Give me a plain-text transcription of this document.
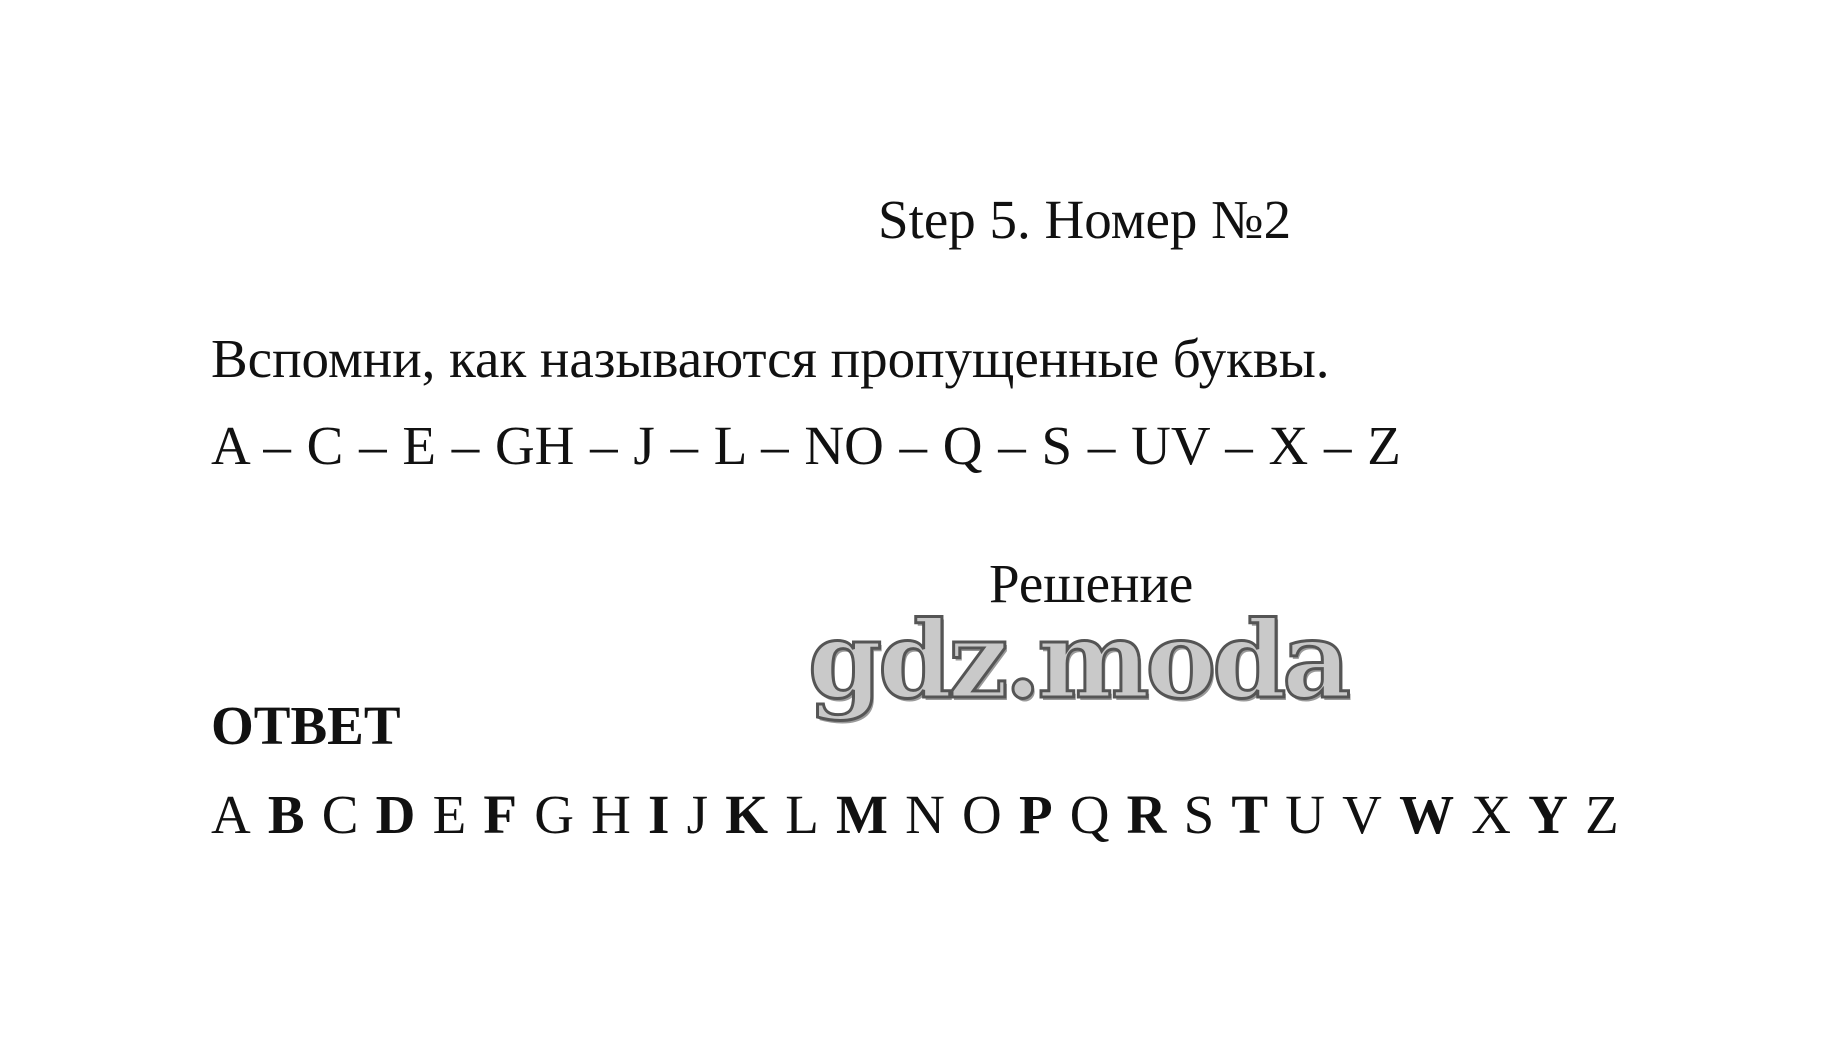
Step 5. Номер №2
Вспомни, как называются пропущенные буквы.
A – C – E – GH – J – L – NO – Q – S – UV – X – Z
Решение
gdz.moda
ОТВЕТ
A B C D E F G H I J K L M N O P Q R S T U V W X Y Z
